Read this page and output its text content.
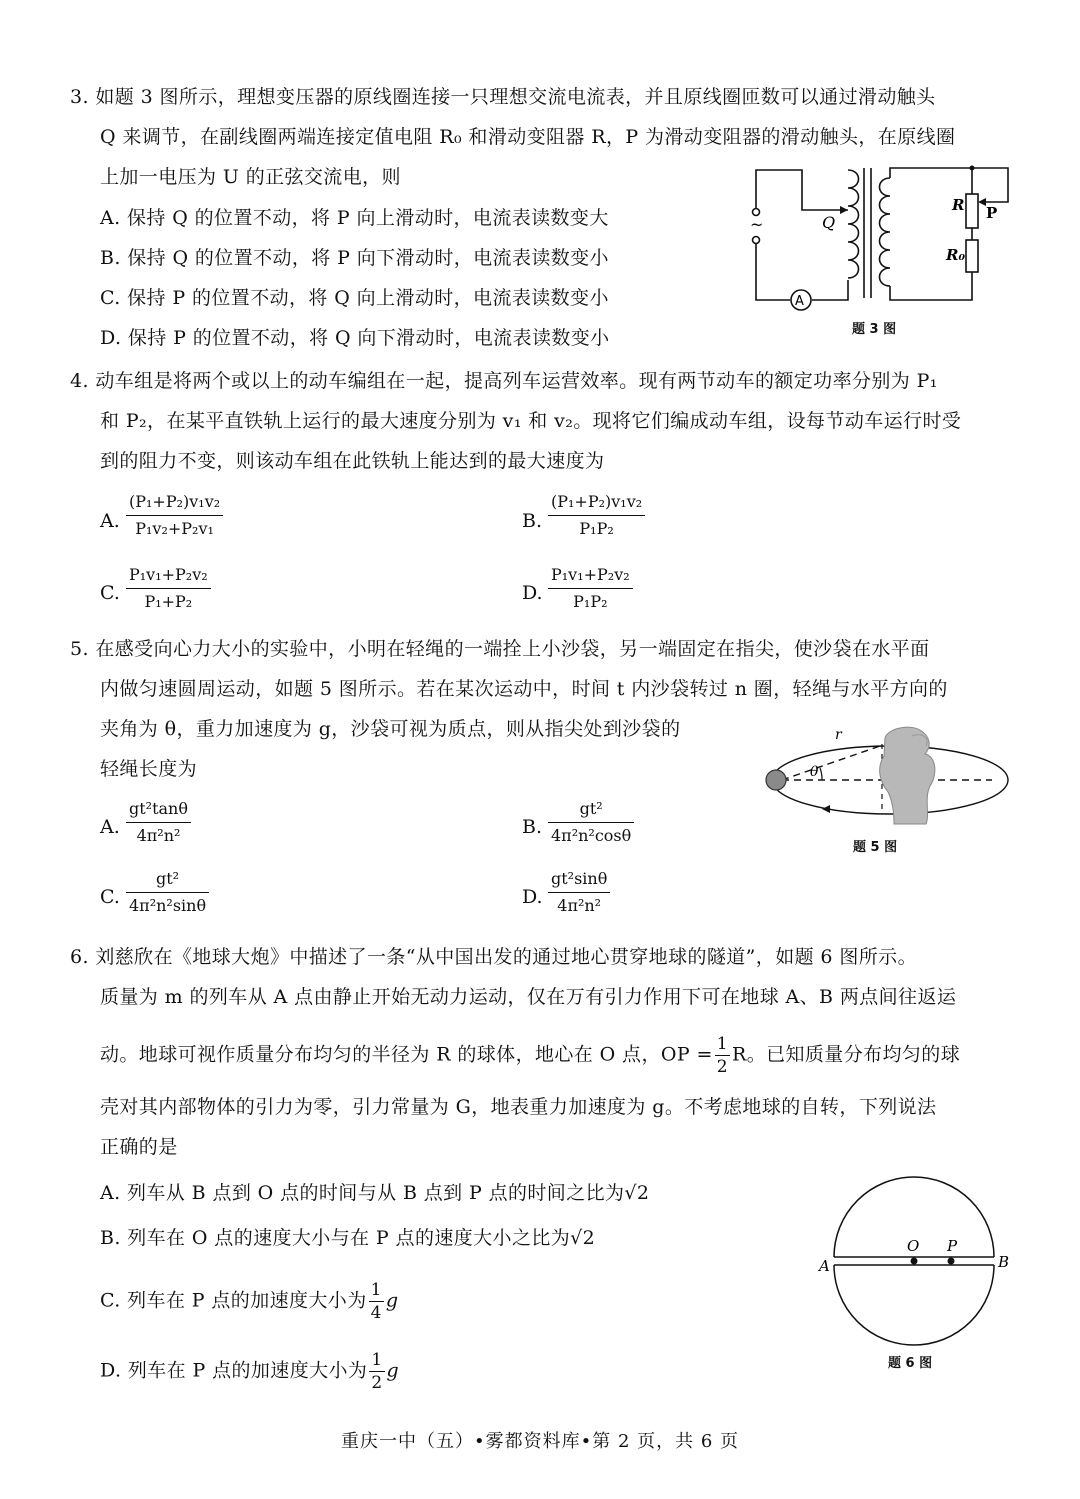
3. 如题 3 图所示，理想变压器的原线圈连接一只理想交流电流表，并且原线圈匝数可以通过滑动触头
Q 来调节，在副线圈两端连接定值电阻 R₀ 和滑动变阻器 R，P 为滑动变阻器的滑动触头，在原线圈
上加一电压为 U 的正弦交流电，则
A. 保持 Q 的位置不动，将 P 向上滑动时，电流表读数变大
B. 保持 Q 的位置不动，将 P 向下滑动时，电流表读数变小
C. 保持 P 的位置不动，将 Q 向上滑动时，电流表读数变小
D. 保持 P 的位置不动，将 Q 向下滑动时，电流表读数变小
~	Q
R P
R₀
A
题 3 图
4. 动车组是将两个或以上的动车编组在一起，提高列车运营效率。现有两节动车的额定功率分别为 P₁
和 P₂，在某平直铁轨上运行的最大速度分别为 v₁ 和 v₂。现将它们编成动车组，设每节动车运行时受
到的阻力不变，则该动车组在此铁轨上能达到的最大速度为
A. $\frac{\text{(P₁+P₂)v₁v₂}}{\text{P₁v₂+P₂v₁}}$	B. $\frac{\text{(P₁+P₂)v₁v₂}}{\text{P₁P₂}}$
C. $\frac{\text{P₁v₁+P₂v₂}}{\text{P₁+P₂}}$	D. $\frac{\text{P₁v₁+P₂v₂}}{\text{P₁P₂}}$
5. 在感受向心力大小的实验中，小明在轻绳的一端拴上小沙袋，另一端固定在指尖，使沙袋在水平面
内做匀速圆周运动，如题 5 图所示。若在某次运动中，时间 t 内沙袋转过 n 圈，轻绳与水平方向的
夹角为 θ，重力加速度为 g，沙袋可视为质点，则从指尖处到沙袋的
轻绳长度为
A. $\frac{\text{gt²tanθ}}{\text{4π²n²}}$	B. $\frac{\text{gt²}}{\text{4π²n²cosθ}}$
C. $\frac{\text{gt²}}{\text{4π²n²sinθ}}$	D. $\frac{\text{gt²sinθ}}{\text{4π²n²}}$
r
θ
题 5 图
6. 刘慈欣在《地球大炮》中描述了一条“从中国出发的通过地心贯穿地球的隧道”，如题 6 图所示。
质量为 m 的列车从 A 点由静止开始无动力运动，仅在万有引力作用下可在地球 A、B 两点间往返运
动。地球可视作质量分布均匀的半径为 R 的球体，地心在 O 点，OP = $\frac{1}{2}$ R。已知质量分布均匀的球
壳对其内部物体的引力为零，引力常量为 G，地表重力加速度为 g。不考虑地球的自转，下列说法
正确的是
A. 列车从 B 点到 O 点的时间与从 B 点到 P 点的时间之比为√2
B. 列车在 O 点的速度大小与在 P 点的速度大小之比为√2
C. 列车在 P 点的加速度大小为 $\frac{1}{4}$ g
D. 列车在 P 点的加速度大小为 $\frac{1}{2}$ g
O P
A	B
题 6 图
重庆一中（五）•雾都资料库•第 2 页，共 6 页
